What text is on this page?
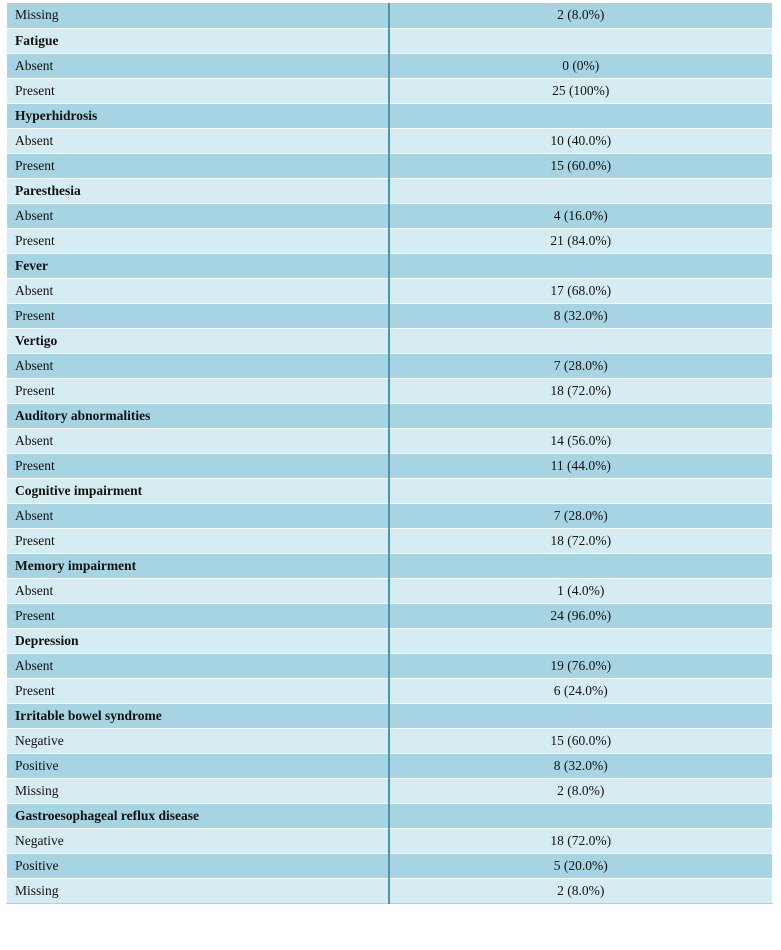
Missing	2 (8.0%)
Fatigue	
Absent	0 (0%)
Present	25 (100%)
Hyperhidrosis	
Absent	10 (40.0%)
Present	15 (60.0%)
Paresthesia	
Absent	4 (16.0%)
Present	21 (84.0%)
Fever	
Absent	17 (68.0%)
Present	8 (32.0%)
Vertigo	
Absent	7 (28.0%)
Present	18 (72.0%)
Auditory abnormalities	
Absent	14 (56.0%)
Present	11 (44.0%)
Cognitive impairment	
Absent	7 (28.0%)
Present	18 (72.0%)
Memory impairment	
Absent	1 (4.0%)
Present	24 (96.0%)
Depression	
Absent	19 (76.0%)
Present	6 (24.0%)
Irritable bowel syndrome	
Negative	15 (60.0%)
Positive	8 (32.0%)
Missing	2 (8.0%)
Gastroesophageal reflux disease	
Negative	18 (72.0%)
Positive	5 (20.0%)
Missing	2 (8.0%)
